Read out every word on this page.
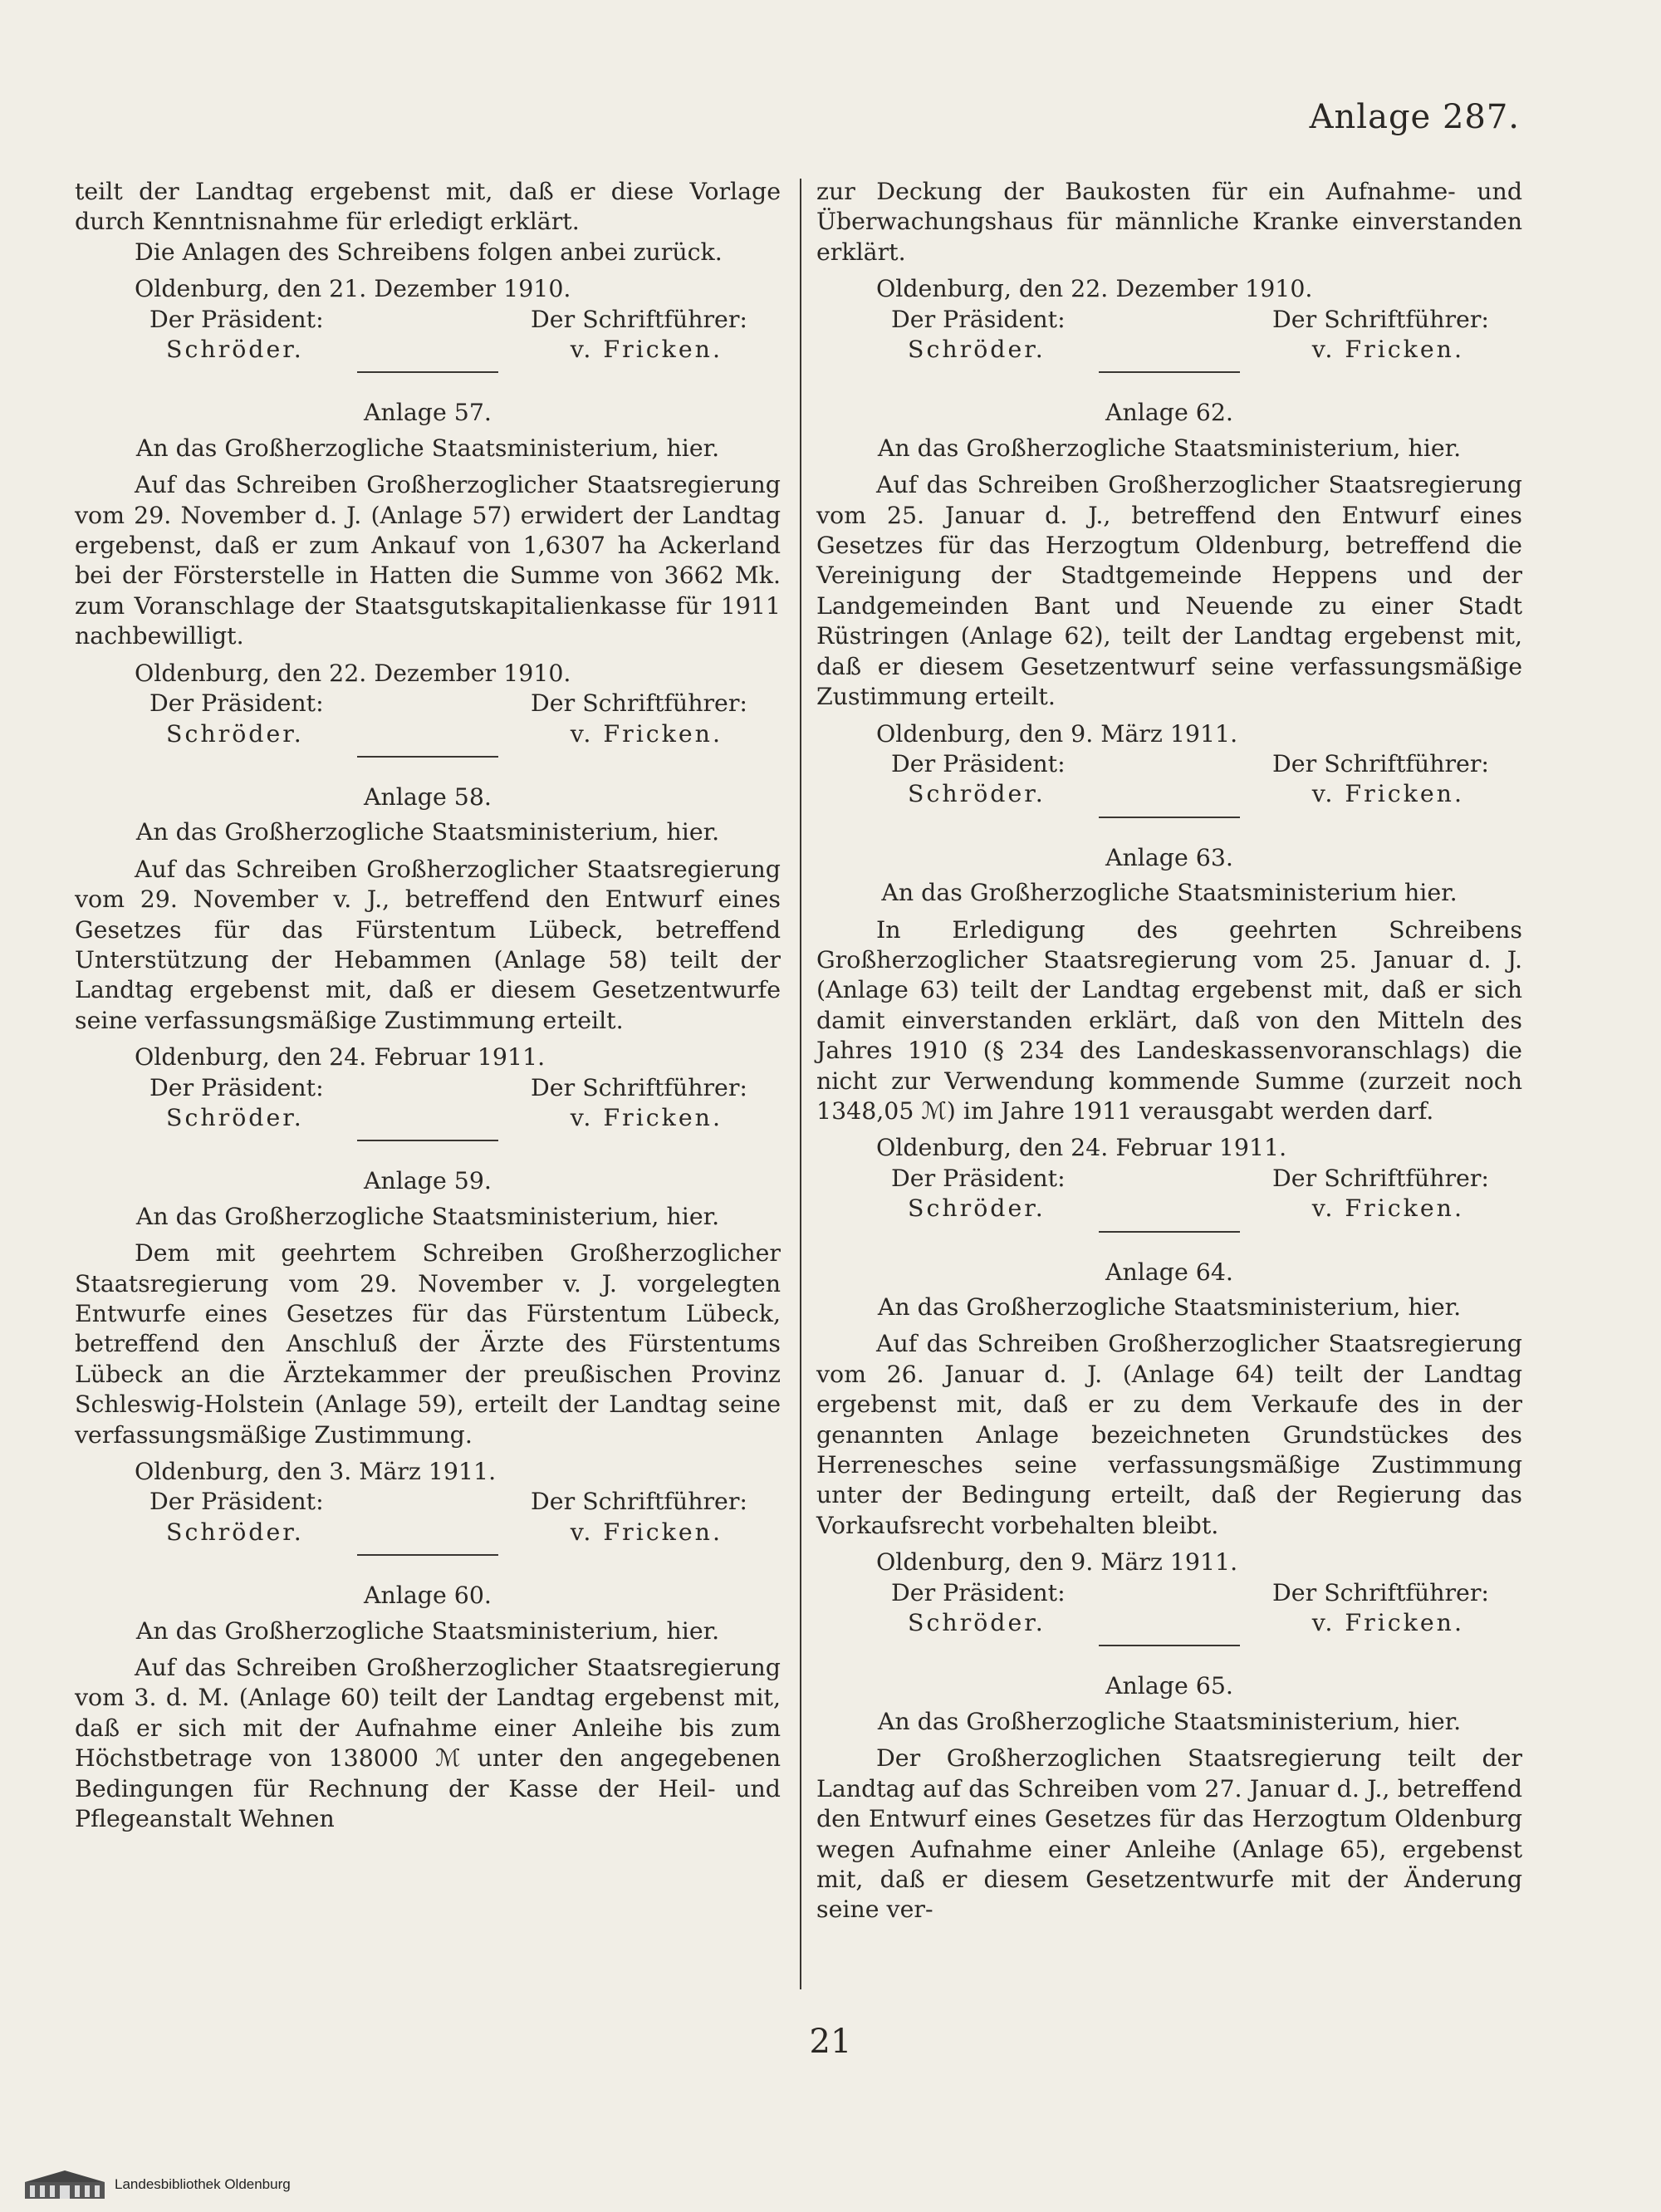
Anlage 287.

teilt der Landtag ergebenst mit, daß er diese Vorlage durch Kenntnisnahme für erledigt erklärt.

Die Anlagen des Schreibens folgen anbei zurück.

Oldenburg, den 21. Dezember 1910.

Der Präsident:	Der Schriftführer:
Schröder.	v. Fricken.

Anlage 57.

An das Großherzogliche Staatsministerium, hier.

Auf das Schreiben Großherzoglicher Staatsregierung vom 29. November d. J. (Anlage 57) erwidert der Landtag ergebenst, daß er zum Ankauf von 1,6307 ha Ackerland bei der Försterstelle in Hatten die Summe von 3662 Mk. zum Voranschlage der Staatsgutskapitalienkasse für 1911 nachbewilligt.

Oldenburg, den 22. Dezember 1910.

Der Präsident:	Der Schriftführer:
Schröder.	v. Fricken.

Anlage 58.

An das Großherzogliche Staatsministerium, hier.

Auf das Schreiben Großherzoglicher Staatsregierung vom 29. November v. J., betreffend den Entwurf eines Gesetzes für das Fürstentum Lübeck, betreffend Unterstützung der Hebammen (Anlage 58) teilt der Landtag ergebenst mit, daß er diesem Gesetzentwurfe seine verfassungsmäßige Zustimmung erteilt.

Oldenburg, den 24. Februar 1911.

Der Präsident:	Der Schriftführer:
Schröder.	v. Fricken.

Anlage 59.

An das Großherzogliche Staatsministerium, hier.

Dem mit geehrtem Schreiben Großherzoglicher Staatsregierung vom 29. November v. J. vorgelegten Entwurfe eines Gesetzes für das Fürstentum Lübeck, betreffend den Anschluß der Ärzte des Fürstentums Lübeck an die Ärztekammer der preußischen Provinz Schleswig-Holstein (Anlage 59), erteilt der Landtag seine verfassungsmäßige Zustimmung.

Oldenburg, den 3. März 1911.

Der Präsident:	Der Schriftführer:
Schröder.	v. Fricken.

Anlage 60.

An das Großherzogliche Staatsministerium, hier.

Auf das Schreiben Großherzoglicher Staatsregierung vom 3. d. M. (Anlage 60) teilt der Landtag ergebenst mit, daß er sich mit der Aufnahme einer Anleihe bis zum Höchstbetrage von 138000 ℳ unter den angegebenen Bedingungen für Rechnung der Kasse der Heil- und Pflegeanstalt Wehnen

zur Deckung der Baukosten für ein Aufnahme- und Überwachungshaus für männliche Kranke einverstanden erklärt.

Oldenburg, den 22. Dezember 1910.

Der Präsident:	Der Schriftführer:
Schröder.	v. Fricken.

Anlage 62.

An das Großherzogliche Staatsministerium, hier.

Auf das Schreiben Großherzoglicher Staatsregierung vom 25. Januar d. J., betreffend den Entwurf eines Gesetzes für das Herzogtum Oldenburg, betreffend die Vereinigung der Stadtgemeinde Heppens und der Landgemeinden Bant und Neuende zu einer Stadt Rüstringen (Anlage 62), teilt der Landtag ergebenst mit, daß er diesem Gesetzentwurf seine verfassungsmäßige Zustimmung erteilt.

Oldenburg, den 9. März 1911.

Der Präsident:	Der Schriftführer:
Schröder.	v. Fricken.

Anlage 63.

An das Großherzogliche Staatsministerium hier.

In Erledigung des geehrten Schreibens Großherzoglicher Staatsregierung vom 25. Januar d. J. (Anlage 63) teilt der Landtag ergebenst mit, daß er sich damit einverstanden erklärt, daß von den Mitteln des Jahres 1910 (§ 234 des Landeskassenvoranschlags) die nicht zur Verwendung kommende Summe (zurzeit noch 1348,05 ℳ) im Jahre 1911 verausgabt werden darf.

Oldenburg, den 24. Februar 1911.

Der Präsident:	Der Schriftführer:
Schröder.	v. Fricken.

Anlage 64.

An das Großherzogliche Staatsministerium, hier.

Auf das Schreiben Großherzoglicher Staatsregierung vom 26. Januar d. J. (Anlage 64) teilt der Landtag ergebenst mit, daß er zu dem Verkaufe des in der genannten Anlage bezeichneten Grundstückes des Herrenesches seine verfassungsmäßige Zustimmung unter der Bedingung erteilt, daß der Regierung das Vorkaufsrecht vorbehalten bleibt.

Oldenburg, den 9. März 1911.

Der Präsident:	Der Schriftführer:
Schröder.	v. Fricken.

Anlage 65.

An das Großherzogliche Staatsministerium, hier.

Der Großherzoglichen Staatsregierung teilt der Landtag auf das Schreiben vom 27. Januar d. J., betreffend den Entwurf eines Gesetzes für das Herzogtum Oldenburg wegen Aufnahme einer Anleihe (Anlage 65), ergebenst mit, daß er diesem Gesetzentwurfe mit der Änderung seine ver-

21
Landesbibliothek Oldenburg
